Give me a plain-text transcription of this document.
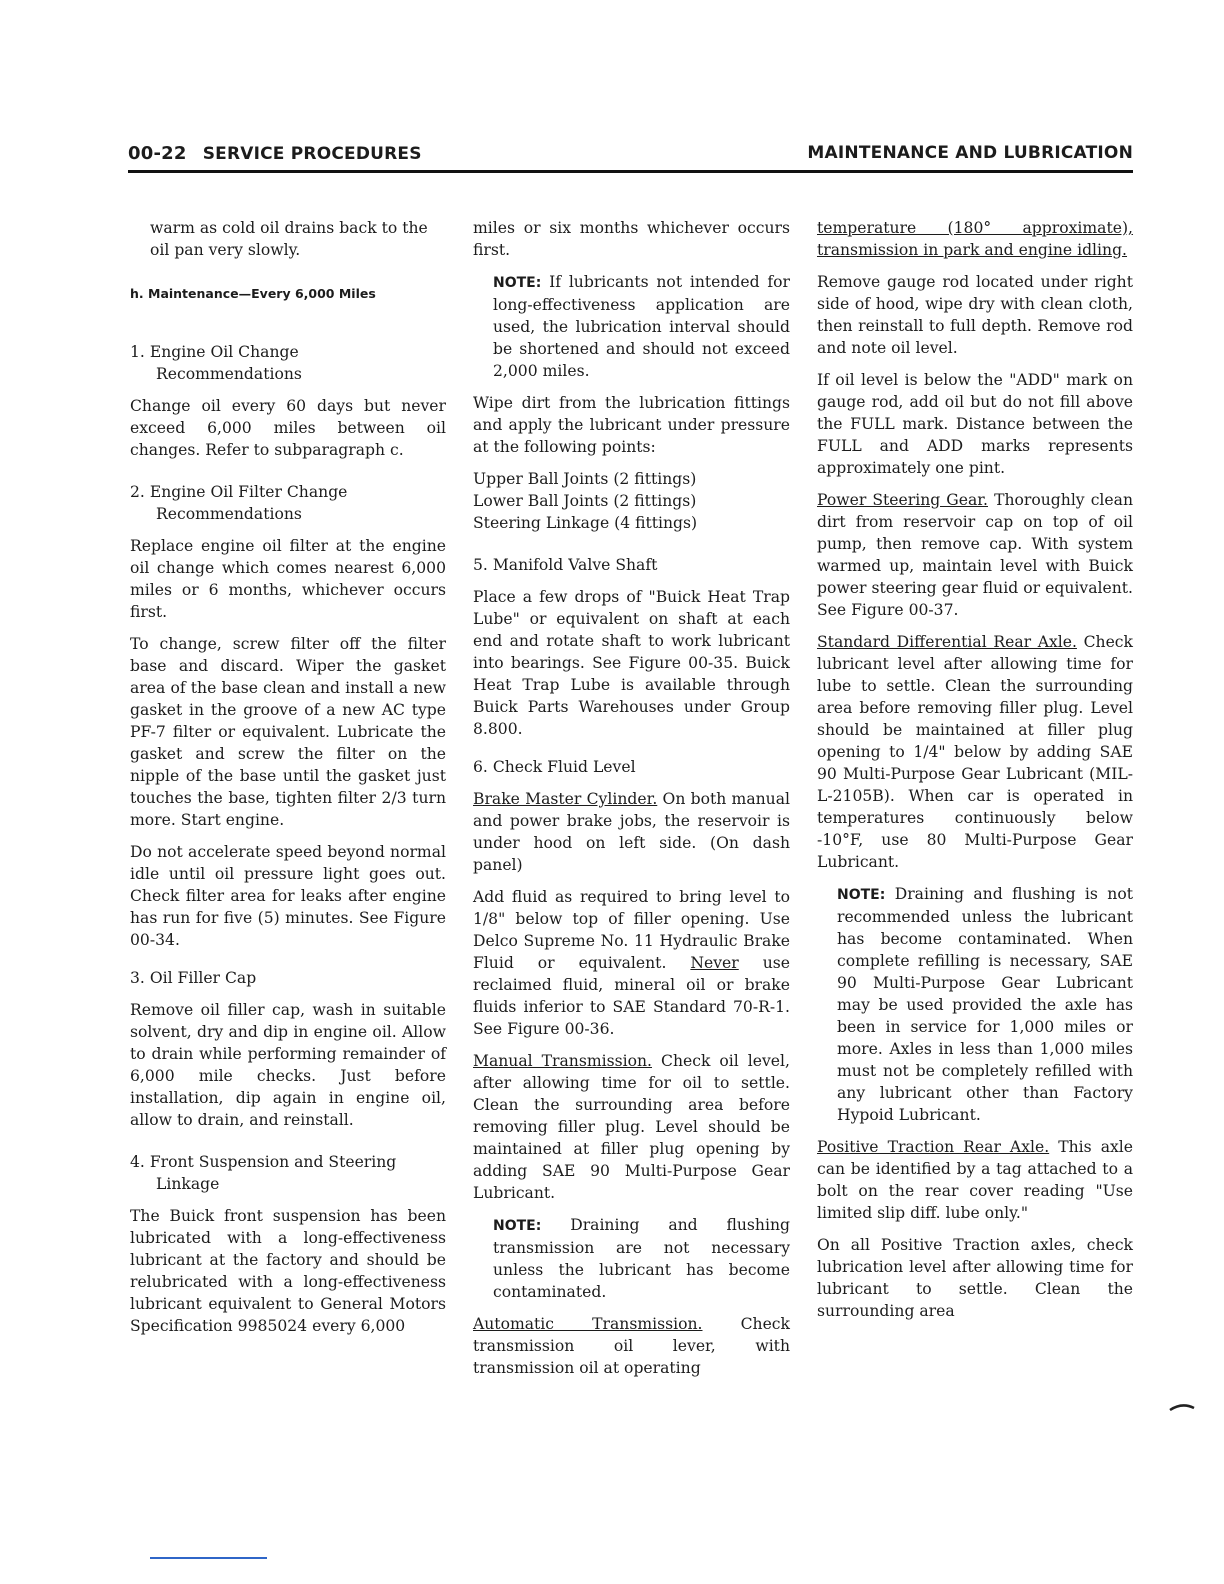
00-22 SERVICE PROCEDURES	MAINTENANCE AND LUBRICATION

warm as cold oil drains back to the oil pan very slowly.

h. Maintenance—Every 6,000 Miles
1. Engine Oil Change
Recommendations

Change oil every 60 days but never exceed 6,000 miles between oil changes. Refer to subparagraph c.

2. Engine Oil Filter Change
Recommendations

Replace engine oil filter at the engine oil change which comes nearest 6,000 miles or 6 months, whichever occurs first.

To change, screw filter off the filter base and discard. Wiper the gasket area of the base clean and install a new gasket in the groove of a new AC type PF-7 filter or equivalent. Lubricate the gasket and screw the filter on the nipple of the base until the gasket just touches the base, tighten filter 2/3 turn more. Start engine.

Do not accelerate speed beyond normal idle until oil pressure light goes out. Check filter area for leaks after engine has run for five (5) minutes. See Figure 00-34.

3. Oil Filler Cap

Remove oil filler cap, wash in suitable solvent, dry and dip in engine oil. Allow to drain while performing remainder of 6,000 mile checks. Just before installation, dip again in engine oil, allow to drain, and reinstall.

4. Front Suspension and Steering
Linkage

The Buick front suspension has been lubricated with a long-effectiveness lubricant at the factory and should be relubricated with a long-effectiveness lubricant equivalent to General Motors Specification 9985024 every 6,000

miles or six months whichever occurs first.

NOTE: If lubricants not intended for long-effectiveness application are used, the lubrication interval should be shortened and should not exceed 2,000 miles.

Wipe dirt from the lubrication fittings and apply the lubricant under pressure at the following points:

Upper Ball Joints (2 fittings)
Lower Ball Joints (2 fittings)
Steering Linkage (4 fittings)
5. Manifold Valve Shaft

Place a few drops of "Buick Heat Trap Lube" or equivalent on shaft at each end and rotate shaft to work lubricant into bearings. See Figure 00-35. Buick Heat Trap Lube is available through Buick Parts Warehouses under Group 8.800.

6. Check Fluid Level

Brake Master Cylinder. On both manual and power brake jobs, the reservoir is under hood on left side. (On dash panel)

Add fluid as required to bring level to 1/8" below top of filler opening. Use Delco Supreme No. 11 Hydraulic Brake Fluid or equivalent. Never use reclaimed fluid, mineral oil or brake fluids inferior to SAE Standard 70-R-1. See Figure 00-36.

Manual Transmission. Check oil level, after allowing time for oil to settle. Clean the surrounding area before removing filler plug. Level should be maintained at filler plug opening by adding SAE 90 Multi-Purpose Gear Lubricant.

NOTE: Draining and flushing transmission are not necessary unless the lubricant has become contaminated.

Automatic Transmission. Check transmission oil lever, with transmission oil at operating

temperature (180° approximate), transmission in park and engine idling.

Remove gauge rod located under right side of hood, wipe dry with clean cloth, then reinstall to full depth. Remove rod and note oil level.

If oil level is below the "ADD" mark on gauge rod, add oil but do not fill above the FULL mark. Distance between the FULL and ADD marks represents approximately one pint.

Power Steering Gear. Thoroughly clean dirt from reservoir cap on top of oil pump, then remove cap. With system warmed up, maintain level with Buick power steering gear fluid or equivalent. See Figure 00-37.

Standard Differential Rear Axle. Check lubricant level after allowing time for lube to settle. Clean the surrounding area before removing filler plug. Level should be maintained at filler plug opening to 1/4" below by adding SAE 90 Multi-Purpose Gear Lubricant (MIL-L-2105B). When car is operated in temperatures continuously below -10°F, use 80 Multi-Purpose Gear Lubricant.

NOTE: Draining and flushing is not recommended unless the lubricant has become contaminated. When complete refilling is necessary, SAE 90 Multi-Purpose Gear Lubricant may be used provided the axle has been in service for 1,000 miles or more. Axles in less than 1,000 miles must not be completely refilled with any lubricant other than Factory Hypoid Lubricant.

Positive Traction Rear Axle. This axle can be identified by a tag attached to a bolt on the rear cover reading "Use limited slip diff. lube only."

On all Positive Traction axles, check lubrication level after allowing time for lubricant to settle. Clean the surrounding area
